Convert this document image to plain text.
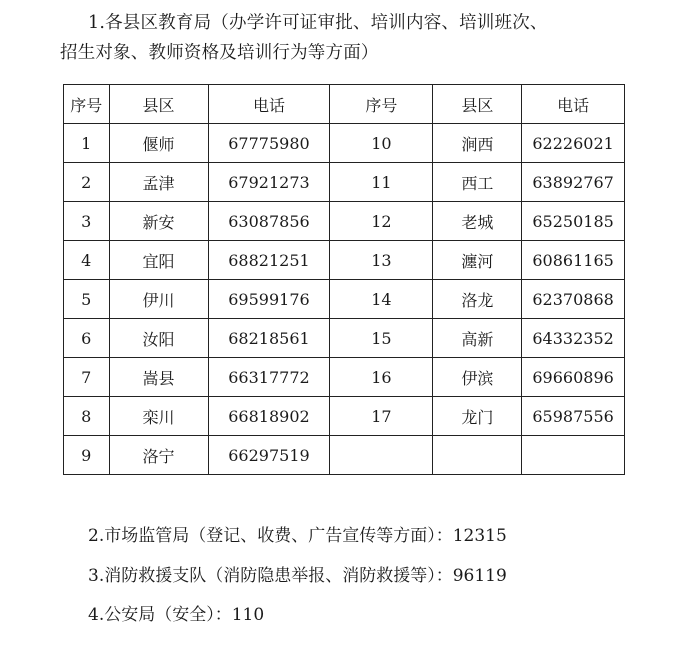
1.各县区教育局（办学许可证审批、培训内容、培训班次、
招生对象、教师资格及培训行为等方面）
序号	县区	电话	序号	县区	电话
1	偃师	67775980	10	涧西	62226021
2	孟津	67921273	11	西工	63892767
3	新安	63087856	12	老城	65250185
4	宜阳	68821251	13	瀍河	60861165
5	伊川	69599176	14	洛龙	62370868
6	汝阳	68218561	15	高新	64332352
7	嵩县	66317772	16	伊滨	69660896
8	栾川	66818902	17	龙门	65987556
9	洛宁	66297519			
2.市场监管局（登记、收费、广告宣传等方面）：12315
3.消防救援支队（消防隐患举报、消防救援等）：96119
4.公安局（安全）：110
